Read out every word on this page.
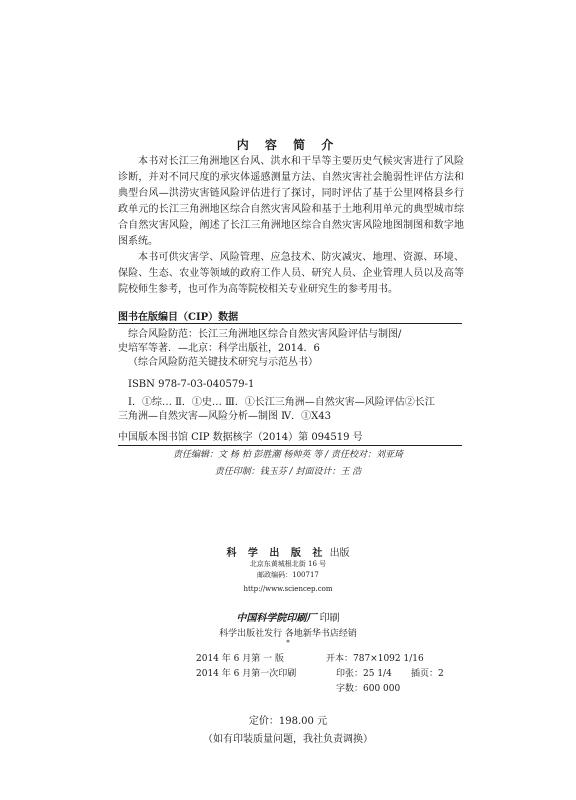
内 容 简 介

本书对长江三角洲地区台风、洪水和干旱等主要历史气候灾害进行了风险诊断，并对不同尺度的承灾体遥感测量方法、自然灾害社会脆弱性评估方法和典型台风—洪涝灾害链风险评估进行了探讨，同时评估了基于公里网格县乡行政单元的长江三角洲地区综合自然灾害风险和基于土地利用单元的典型城市综合自然灾害风险，阐述了长江三角洲地区综合自然灾害风险地图制图和数字地图系统。

本书可供灾害学、风险管理、应急技术、防灾减灾、地理、资源、环境、保险、生态、农业等领域的政府工作人员、研究人员、企业管理人员以及高等院校师生参考，也可作为高等院校相关专业研究生的参考用书。

图书在版编目（CIP）数据
综合风险防范：长江三角洲地区综合自然灾害风险评估与制图/
史培军等著．—北京：科学出版社，2014．6
（综合风险防范关键技术研究与示范丛书）
ISBN 978-7-03-040579-1
Ⅰ．①综… Ⅱ．①史… Ⅲ．①长江三角洲—自然灾害—风险评估②长江
三角洲—自然灾害—风险分析—制图 Ⅳ．①X43
中国版本图书馆 CIP 数据核字（2014）第 094519 号
责任编辑：文 杨 柏 彭胜潮 杨帅英 等 / 责任校对：刘亚琦
责任印制：钱玉芬 / 封面设计：王 浩
科 学 出 版 社 出版
北京东黄城根北街 16 号
邮政编码：100717
http://www.sciencep.com
中国科学院印刷厂 印刷
科学出版社发行 各地新华书店经销
*
2014 年 6 月第 一 版	开本：787×1092 1/16
2014 年 6 月第一次印刷	印张：25 1/4 插页：2
字数：600 000
定价：198.00 元
（如有印装质量问题，我社负责调换）
